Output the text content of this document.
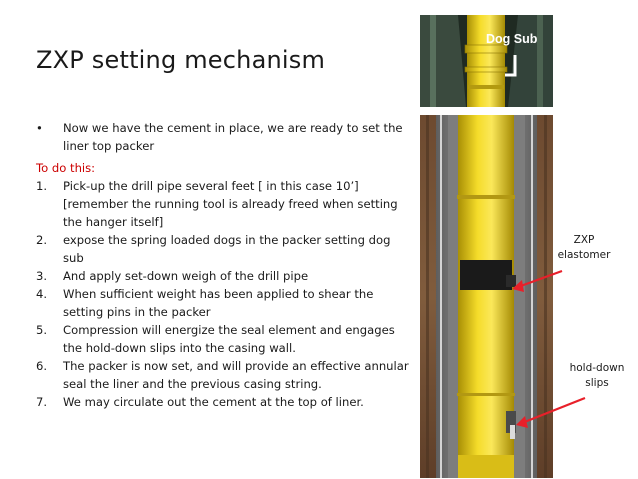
ZXP setting mechanism
• Now we have the cement in place, we are ready to set the liner top packer
To do this:
1. Pick-up the drill pipe several feet [ in this case 10’] [remember the running tool is already freed when setting the hanger itself]
2. expose the spring loaded dogs in the packer setting dog sub
3. And apply set-down weigh of the drill pipe
4. When sufficient weight has been applied to shear the setting pins in the packer
5. Compression will energize the seal element and engages the hold-down slips into the casing wall.
6. The packer is now set, and will provide an effective annular seal the liner and the previous casing string.
7. We may circulate out the cement at the top of liner.
Dog Sub
ZXP
elastomer
hold-down
slips
